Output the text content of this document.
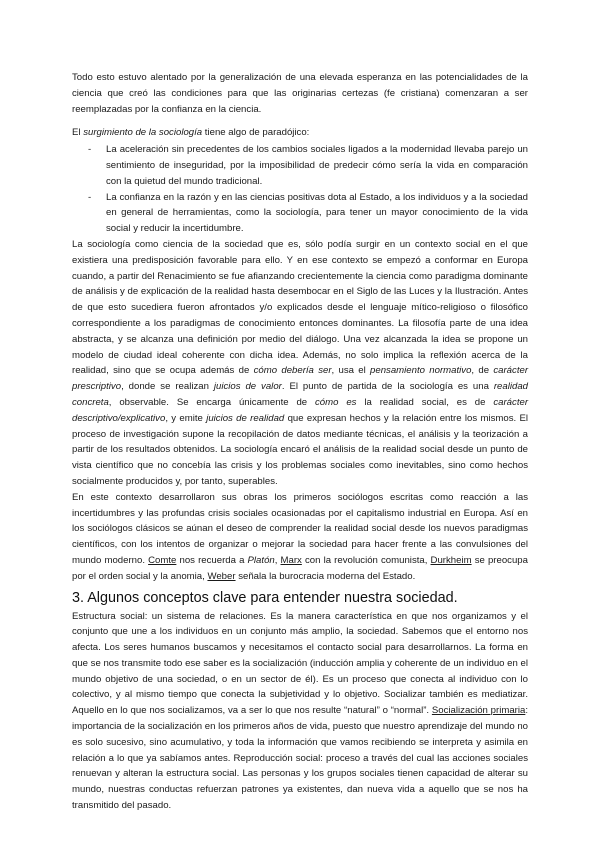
Todo esto estuvo alentado por la generalización de una elevada esperanza en las potencialidades de la ciencia que creó las condiciones para que las originarias certezas (fe cristiana) comenzaran a ser reemplazadas por la confianza en la ciencia.

El surgimiento de la sociología tiene algo de paradójico:

- La aceleración sin precedentes de los cambios sociales ligados a la modernidad llevaba parejo un sentimiento de inseguridad, por la imposibilidad de predecir cómo sería la vida en comparación con la quietud del mundo tradicional.
- La confianza en la razón y en las ciencias positivas dota al Estado, a los individuos y a la sociedad en general de herramientas, como la sociología, para tener un mayor conocimiento de la vida social y reducir la incertidumbre.

La sociología como ciencia de la sociedad que es, sólo podía surgir en un contexto social en el que existiera una predisposición favorable para ello. Y en ese contexto se empezó a conformar en Europa cuando, a partir del Renacimiento se fue afianzando crecientemente la ciencia como paradigma dominante de análisis y de explicación de la realidad hasta desembocar en el Siglo de las Luces y la Ilustración. Antes de que esto sucediera fueron afrontados y/o explicados desde el lenguaje mítico-religioso o filosófico correspondiente a los paradigmas de conocimiento entonces dominantes. La filosofía parte de una idea abstracta, y se alcanza una definición por medio del diálogo. Una vez alcanzada la idea se propone un modelo de ciudad ideal coherente con dicha idea. Además, no solo implica la reflexión acerca de la realidad, sino que se ocupa además de cómo debería ser, usa el pensamiento normativo, de carácter prescriptivo, donde se realizan juicios de valor. El punto de partida de la sociología es una realidad concreta, observable. Se encarga únicamente de cómo es la realidad social, es de carácter descriptivo/explicativo, y emite juicios de realidad que expresan hechos y la relación entre los mismos. El proceso de investigación supone la recopilación de datos mediante técnicas, el análisis y la teorización a partir de los resultados obtenidos. La sociología encaró el análisis de la realidad social desde un punto de vista científico que no concebía las crisis y los problemas sociales como inevitables, sino como hechos socialmente producidos y, por tanto, superables.

En este contexto desarrollaron sus obras los primeros sociólogos escritas como reacción a las incertidumbres y las profundas crisis sociales ocasionadas por el capitalismo industrial en Europa. Así en los sociólogos clásicos se aúnan el deseo de comprender la realidad social desde los nuevos paradigmas científicos, con los intentos de organizar o mejorar la sociedad para hacer frente a las convulsiones del mundo moderno. Comte nos recuerda a Platón, Marx con la revolución comunista, Durkheim se preocupa por el orden social y la anomia, Weber señala la burocracia moderna del Estado.

3. Algunos conceptos clave para entender nuestra sociedad.

Estructura social: un sistema de relaciones. Es la manera característica en que nos organizamos y el conjunto que une a los individuos en un conjunto más amplio, la sociedad. Sabemos que el entorno nos afecta. Los seres humanos buscamos y necesitamos el contacto social para desarrollarnos. La forma en que se nos transmite todo ese saber es la socialización (inducción amplia y coherente de un individuo en el mundo objetivo de una sociedad, o en un sector de él). Es un proceso que conecta al individuo con lo colectivo, y al mismo tiempo que conecta la subjetividad y lo objetivo. Socializar también es mediatizar. Aquello en lo que nos socializamos, va a ser lo que nos resulte “natural” o “normal”. Socialización primaria: importancia de la socialización en los primeros años de vida, puesto que nuestro aprendizaje del mundo no es solo sucesivo, sino acumulativo, y toda la información que vamos recibiendo se interpreta y asimila en relación a lo que ya sabíamos antes. Reproducción social: proceso a través del cual las acciones sociales renuevan y alteran la estructura social. Las personas y los grupos sociales tienen capacidad de alterar su mundo, nuestras conductas refuerzan patrones ya existentes, dan nueva vida a aquello que se nos ha transmitido del pasado.
